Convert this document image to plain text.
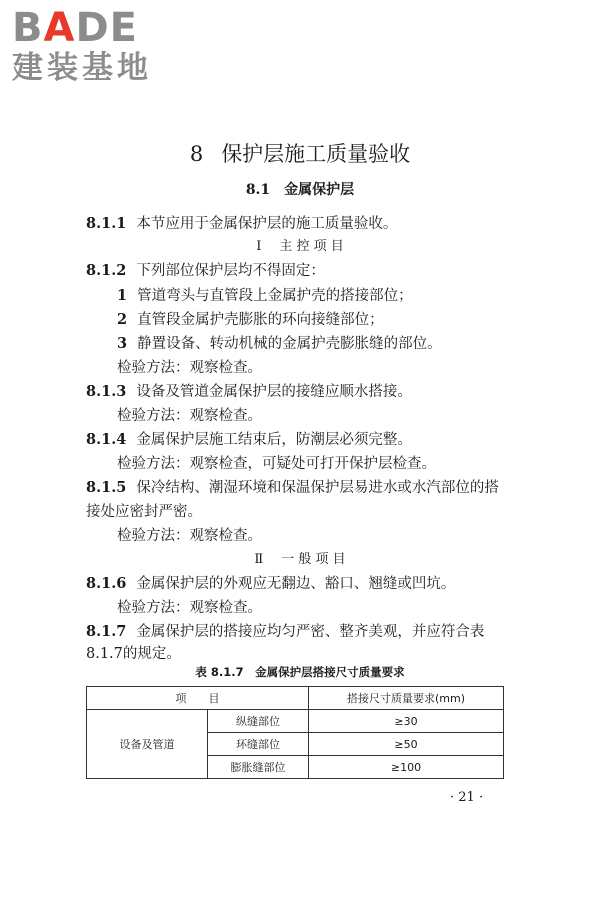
BADE
建装基地
8 保护层施工质量验收
8.1 金属保护层
8.1.1 本节应用于金属保护层的施工质量验收。
Ⅰ 主 控 项 目
8.1.2 下列部位保护层均不得固定：
1 管道弯头与直管段上金属护壳的搭接部位；
2 直管段金属护壳膨胀的环向接缝部位；
3 静置设备、转动机械的金属护壳膨胀缝的部位。
检验方法：观察检查。
8.1.3 设备及管道金属保护层的接缝应顺水搭接。
检验方法：观察检查。
8.1.4 金属保护层施工结束后，防潮层必须完整。
检验方法：观察检查，可疑处可打开保护层检查。
8.1.5 保冷结构、潮湿环境和保温保护层易进水或水汽部位的搭
接处应密封严密。
检验方法：观察检查。
Ⅱ 一 般 项 目
8.1.6 金属保护层的外观应无翻边、豁口、翘缝或凹坑。
检验方法：观察检查。
8.1.7 金属保护层的搭接应均匀严密、整齐美观，并应符合表
8.1.7的规定。
表 8.1.7　金属保护层搭接尺寸质量要求
项　　目		搭接尺寸质量要求(mm)
设备及管道	纵缝部位	≥30
	环缝部位	≥50
	膨胀缝部位	≥100
· 21 ·
